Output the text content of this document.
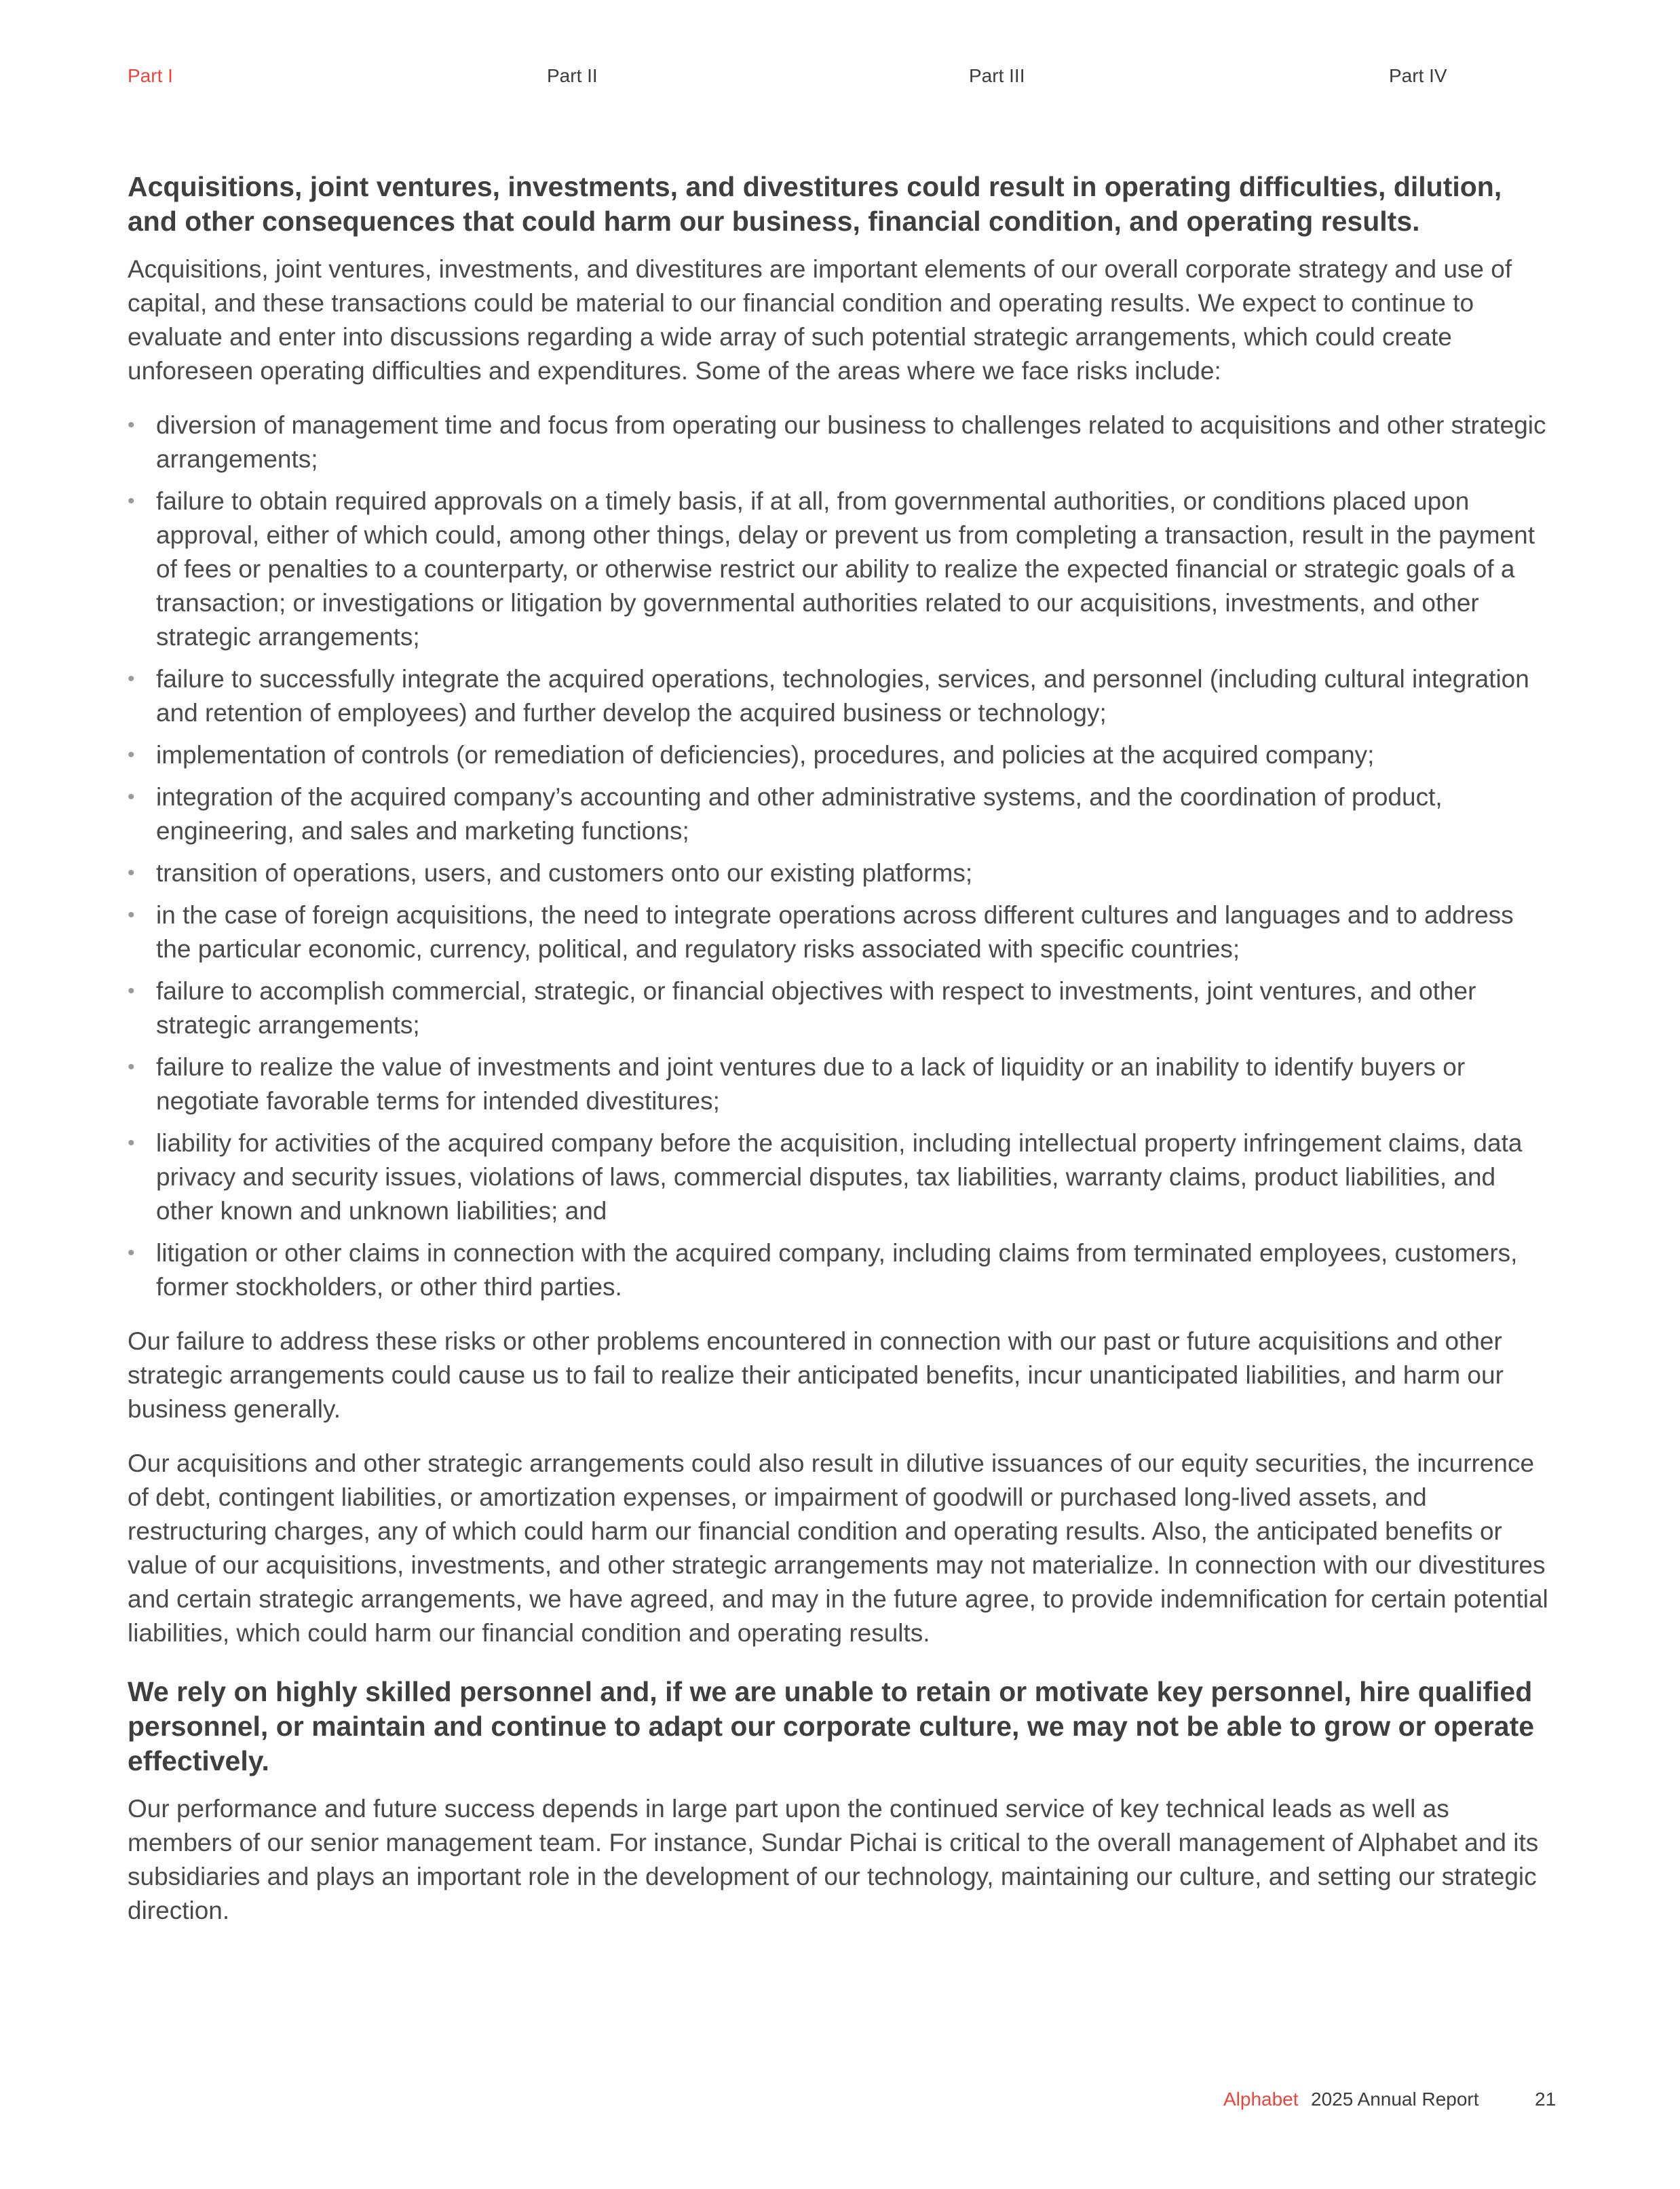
Part I	Part II	Part III	Part IV
Acquisitions, joint ventures, investments, and divestitures could result in operating difficulties, dilution, and other consequences that could harm our business, financial condition, and operating results.

Acquisitions, joint ventures, investments, and divestitures are important elements of our overall corporate strategy and use of capital, and these transactions could be material to our financial condition and operating results. We expect to continue to evaluate and enter into discussions regarding a wide array of such potential strategic arrangements, which could create unforeseen operating difficulties and expenditures. Some of the areas where we face risks include:

• diversion of management time and focus from operating our business to challenges related to acquisitions and other strategic arrangements;
• failure to obtain required approvals on a timely basis, if at all, from governmental authorities, or conditions placed upon approval, either of which could, among other things, delay or prevent us from completing a transaction, result in the payment of fees or penalties to a counterparty, or otherwise restrict our ability to realize the expected financial or strategic goals of a transaction; or investigations or litigation by governmental authorities related to our acquisitions, investments, and other strategic arrangements;
• failure to successfully integrate the acquired operations, technologies, services, and personnel (including cultural integration and retention of employees) and further develop the acquired business or technology;
• implementation of controls (or remediation of deficiencies), procedures, and policies at the acquired company;
• integration of the acquired company’s accounting and other administrative systems, and the coordination of product, engineering, and sales and marketing functions;
• transition of operations, users, and customers onto our existing platforms;
• in the case of foreign acquisitions, the need to integrate operations across different cultures and languages and to address the particular economic, currency, political, and regulatory risks associated with specific countries;
• failure to accomplish commercial, strategic, or financial objectives with respect to investments, joint ventures, and other strategic arrangements;
• failure to realize the value of investments and joint ventures due to a lack of liquidity or an inability to identify buyers or negotiate favorable terms for intended divestitures;
• liability for activities of the acquired company before the acquisition, including intellectual property infringement claims, data privacy and security issues, violations of laws, commercial disputes, tax liabilities, warranty claims, product liabilities, and other known and unknown liabilities; and
• litigation or other claims in connection with the acquired company, including claims from terminated employees, customers, former stockholders, or other third parties.

Our failure to address these risks or other problems encountered in connection with our past or future acquisitions and other strategic arrangements could cause us to fail to realize their anticipated benefits, incur unanticipated liabilities, and harm our business generally.

Our acquisitions and other strategic arrangements could also result in dilutive issuances of our equity securities, the incurrence of debt, contingent liabilities, or amortization expenses, or impairment of goodwill or purchased long-lived assets, and restructuring charges, any of which could harm our financial condition and operating results. Also, the anticipated benefits or value of our acquisitions, investments, and other strategic arrangements may not materialize. In connection with our divestitures and certain strategic arrangements, we have agreed, and may in the future agree, to provide indemnification for certain potential liabilities, which could harm our financial condition and operating results.

We rely on highly skilled personnel and, if we are unable to retain or motivate key personnel, hire qualified personnel, or maintain and continue to adapt our corporate culture, we may not be able to grow or operate effectively.

Our performance and future success depends in large part upon the continued service of key technical leads as well as members of our senior management team. For instance, Sundar Pichai is critical to the overall management of Alphabet and its subsidiaries and plays an important role in the development of our technology, maintaining our culture, and setting our strategic direction.

Alphabet 2025 Annual Report	21
